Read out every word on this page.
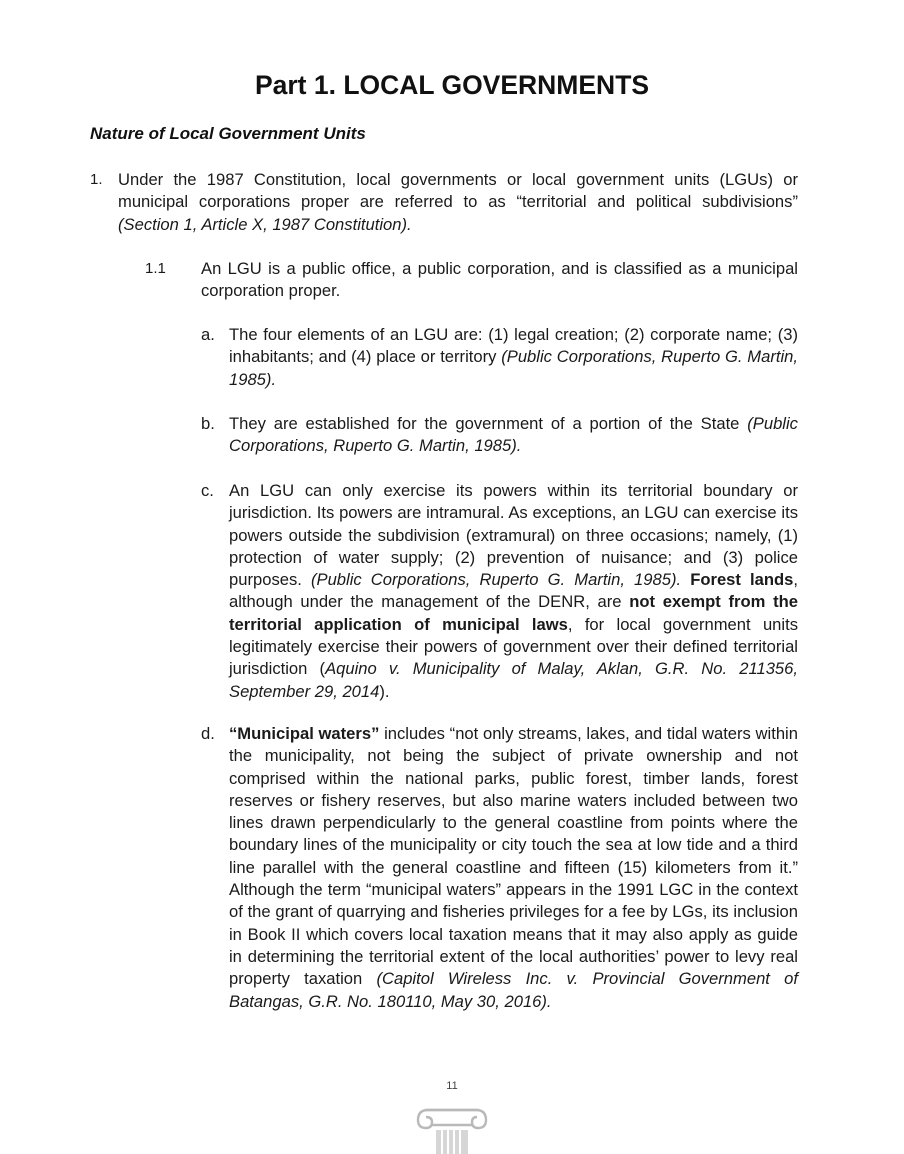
Part 1. LOCAL GOVERNMENTS

Nature of Local Government Units

1. Under the 1987 Constitution, local governments or local government units (LGUs) or municipal corporations proper are referred to as “territorial and political subdivisions” (Section 1, Article X, 1987 Constitution).

1.1 An LGU is a public office, a public corporation, and is classified as a municipal corporation proper.

a. The four elements of an LGU are: (1) legal creation; (2) corporate name; (3) inhabitants; and (4) place or territory (Public Corporations, Ruperto G. Martin, 1985).

b. They are established for the government of a portion of the State (Public Corporations, Ruperto G. Martin, 1985).

c. An LGU can only exercise its powers within its territorial boundary or jurisdiction. Its powers are intramural. As exceptions, an LGU can exercise its powers outside the subdivision (extramural) on three occasions; namely, (1) protection of water supply; (2) prevention of nuisance; and (3) police purposes. (Public Corporations, Ruperto G. Martin, 1985). Forest lands, although under the management of the DENR, are not exempt from the territorial application of municipal laws, for local government units legitimately exercise their powers of government over their defined territorial jurisdiction (Aquino v. Municipality of Malay, Aklan, G.R. No. 211356, September 29, 2014).

d. “Municipal waters” includes “not only streams, lakes, and tidal waters within the municipality, not being the subject of private ownership and not comprised within the national parks, public forest, timber lands, forest reserves or fishery reserves, but also marine waters included between two lines drawn perpendicularly to the general coastline from points where the boundary lines of the municipality or city touch the sea at low tide and a third line parallel with the general coastline and fifteen (15) kilometers from it.” Although the term “municipal waters” appears in the 1991 LGC in the context of the grant of quarrying and fisheries privileges for a fee by LGs, its inclusion in Book II which covers local taxation means that it may also apply as guide in determining the territorial extent of the local authorities’ power to levy real property taxation (Capitol Wireless Inc. v. Provincial Government of Batangas, G.R. No. 180110, May 30, 2016).

11
